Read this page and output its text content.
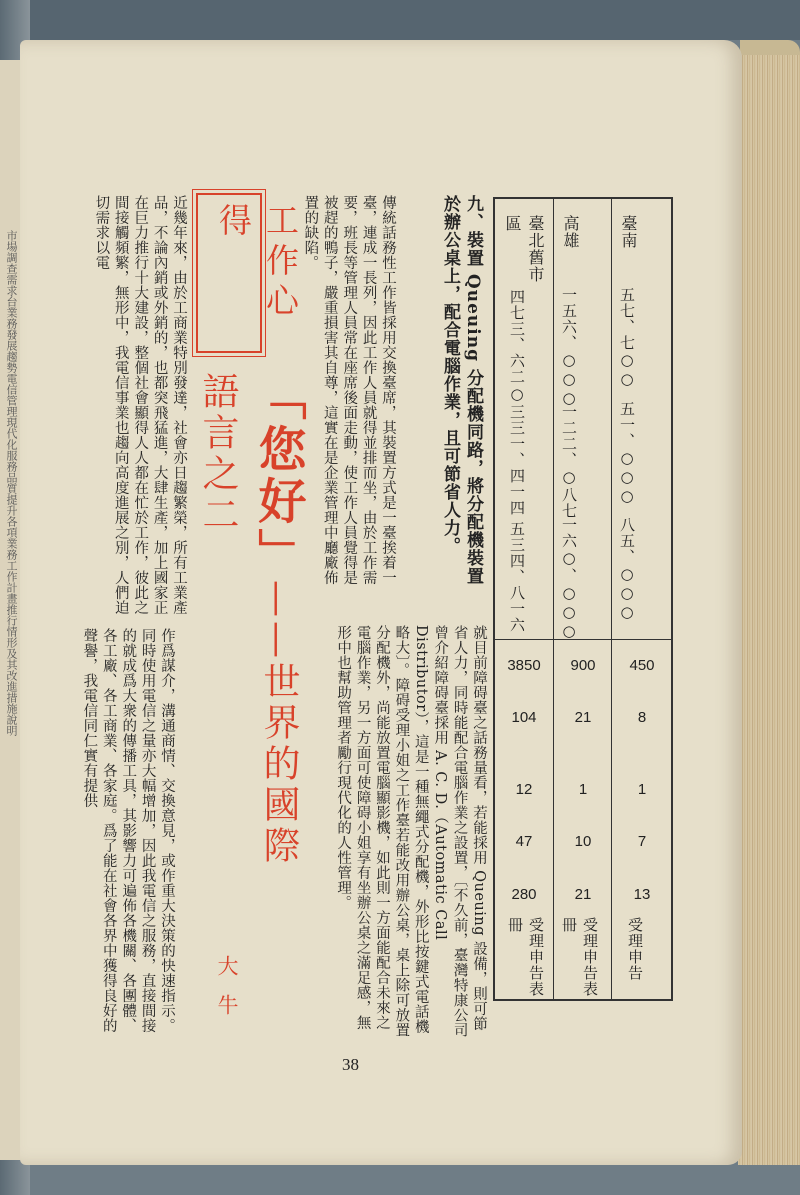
市場調查需求台業務發展趨勢電信管理現代化服務品質提升各項業務工作計畫推行情形及其改進措施說明	近幾年來，由於工商業特別發達，社會亦日趨繁榮，所有工業產品，不論內銷或外銷的，也都突飛猛進，大肆生產，加上國家正在巨力推行十大建設，整個社會顯得人人都在忙於工作，彼此之間接觸頻繁，無形中，我電信事業也趨向高度進展之別，人們迫切需求以電
作爲謀介，溝通商情、交換意見，或作重大決策的快速指示。同時使用電信之量亦大幅增加，因此我電信之服務，直接間接的就成爲大衆的傳播工具，其影響力可遍佈各機關、各團體、各工廠、各工商業、各家庭。爲了能在社會各界中獲得良好的聲譽，我電信同仁實有提供
工作心得
「您好」——世界的國際語言之二
大牛
傳統話務性工作皆採用交換臺席，其裝置方式是一臺挨着一臺，連成一長列，因此工作人員就得並排而坐，由於工作需要，班長等管理人員常在座席後面走動，使工作人員覺得是被趕的鴨子，嚴重損害其自尊，這實在是企業管理中廳廠佈置的缺陷。
就目前障碍臺之話務量看，若能採用 Queuing 設備，則可節省人力，同時能配合電腦作業之設置，〔不久前，臺灣特康公司曾介紹障碍臺採用 A. C. D.（Automatic Call Distributor），這是一種無繩式分配機，外形比按鍵式電話機略大〕。障碍受理小姐之工作臺若能改用辦公桌，桌上除可放置分配機外，尚能放置電腦顯影機，如此則一方面能配合未來之電腦作業，另一方面可使障碍小姐享有坐辦公桌之滿足感，無形中也幫助管理者勵行現代化的人性管理。
九、裝置 Queuing 分配機同路，將分配機裝置於辦公桌上，配合電腦作業，且可節省人力。	臺南
五七、七○○
五一、○○○
八五、○○○
450
8
1
7
13
受理申告
高雄
一五六、○○○
一二二、○八七
一六○、○○○
900
21
1
10
21
受理申告表冊
臺北舊市區
四七三、六二○
三三一、四一四
五三四、八一六
3850
104
12
47
280
受理申告表冊
38
